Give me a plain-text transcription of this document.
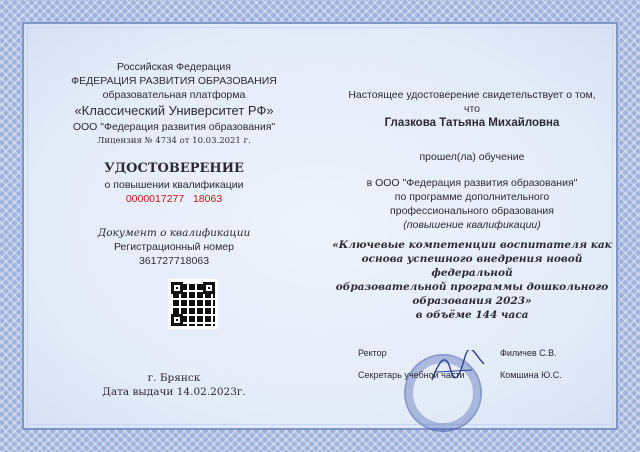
Российская Федерация
ФЕДЕРАЦИЯ РАЗВИТИЯ ОБРАЗОВАНИЯ
образовательная платформа
«Классический Университет РФ»
ООО "Федерация развития образования"
Лицензия № 4734 от 10.03.2021 г.
УДОСТОВЕРЕНИЕ
о повышении квалификации
0000017277   18063
Документ о квалификации
Регистрационный номер
361727718063
г. Брянск
Дата выдачи 14.02.2023г.
Настоящее удостоверение свидетельствует о том,
что
Глазкова Татьяна Михайловна
прошел(ла) обучение
в ООО "Федерация развития образования"
по программе дополнительного
профессионального образования
(повышение квалификации)
«Ключевые компетенции воспитателя как
основа успешного внедрения новой федеральной
образовательной программы дошкольного
образования 2023»
в объёме 144 часа
Ректор	Филичев С.В.
Секретарь учебной части	Комшина Ю.С.
